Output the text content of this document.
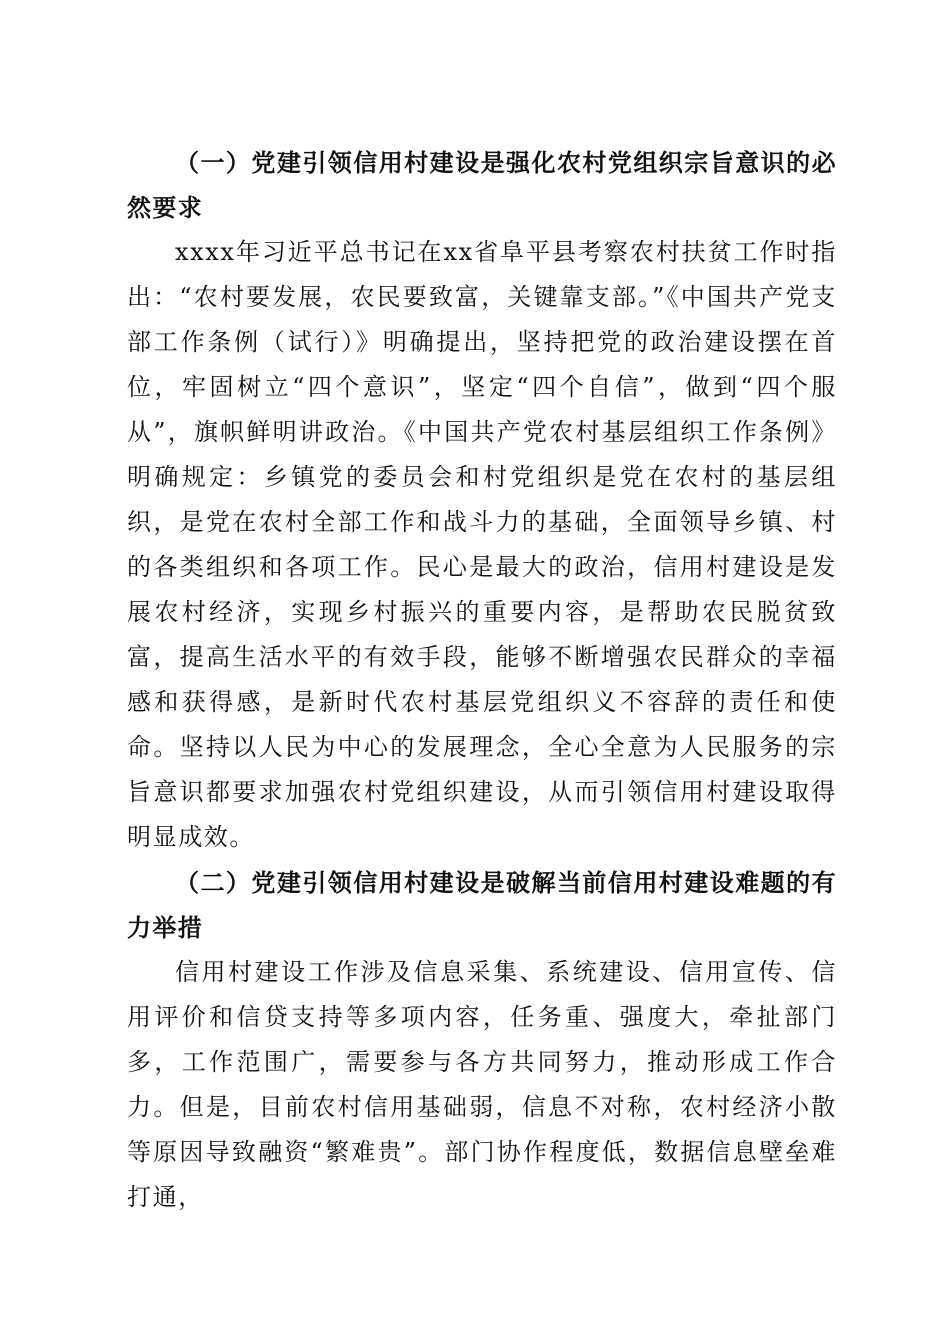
（一）党建引领信用村建设是强化农村党组织宗旨意识的必然要求

xxxx年习近平总书记在xx省阜平县考察农村扶贫工作时指出：“农村要发展，农民要致富，关键靠支部。”《中国共产党支部工作条例（试行）》明确提出，坚持把党的政治建设摆在首位，牢固树立“四个意识”，坚定“四个自信”，做到“四个服从”，旗帜鲜明讲政治。《中国共产党农村基层组织工作条例》明确规定：乡镇党的委员会和村党组织是党在农村的基层组织，是党在农村全部工作和战斗力的基础，全面领导乡镇、村的各类组织和各项工作。民心是最大的政治，信用村建设是发展农村经济，实现乡村振兴的重要内容，是帮助农民脱贫致富，提高生活水平的有效手段，能够不断增强农民群众的幸福感和获得感，是新时代农村基层党组织义不容辞的责任和使命。坚持以人民为中心的发展理念，全心全意为人民服务的宗旨意识都要求加强农村党组织建设，从而引领信用村建设取得明显成效。

（二）党建引领信用村建设是破解当前信用村建设难题的有力举措

信用村建设工作涉及信息采集、系统建设、信用宣传、信用评价和信贷支持等多项内容，任务重、强度大，牵扯部门多，工作范围广，需要参与各方共同努力，推动形成工作合力。但是，目前农村信用基础弱，信息不对称，农村经济小散等原因导致融资“繁难贵”。部门协作程度低，数据信息壁垒难打通，
